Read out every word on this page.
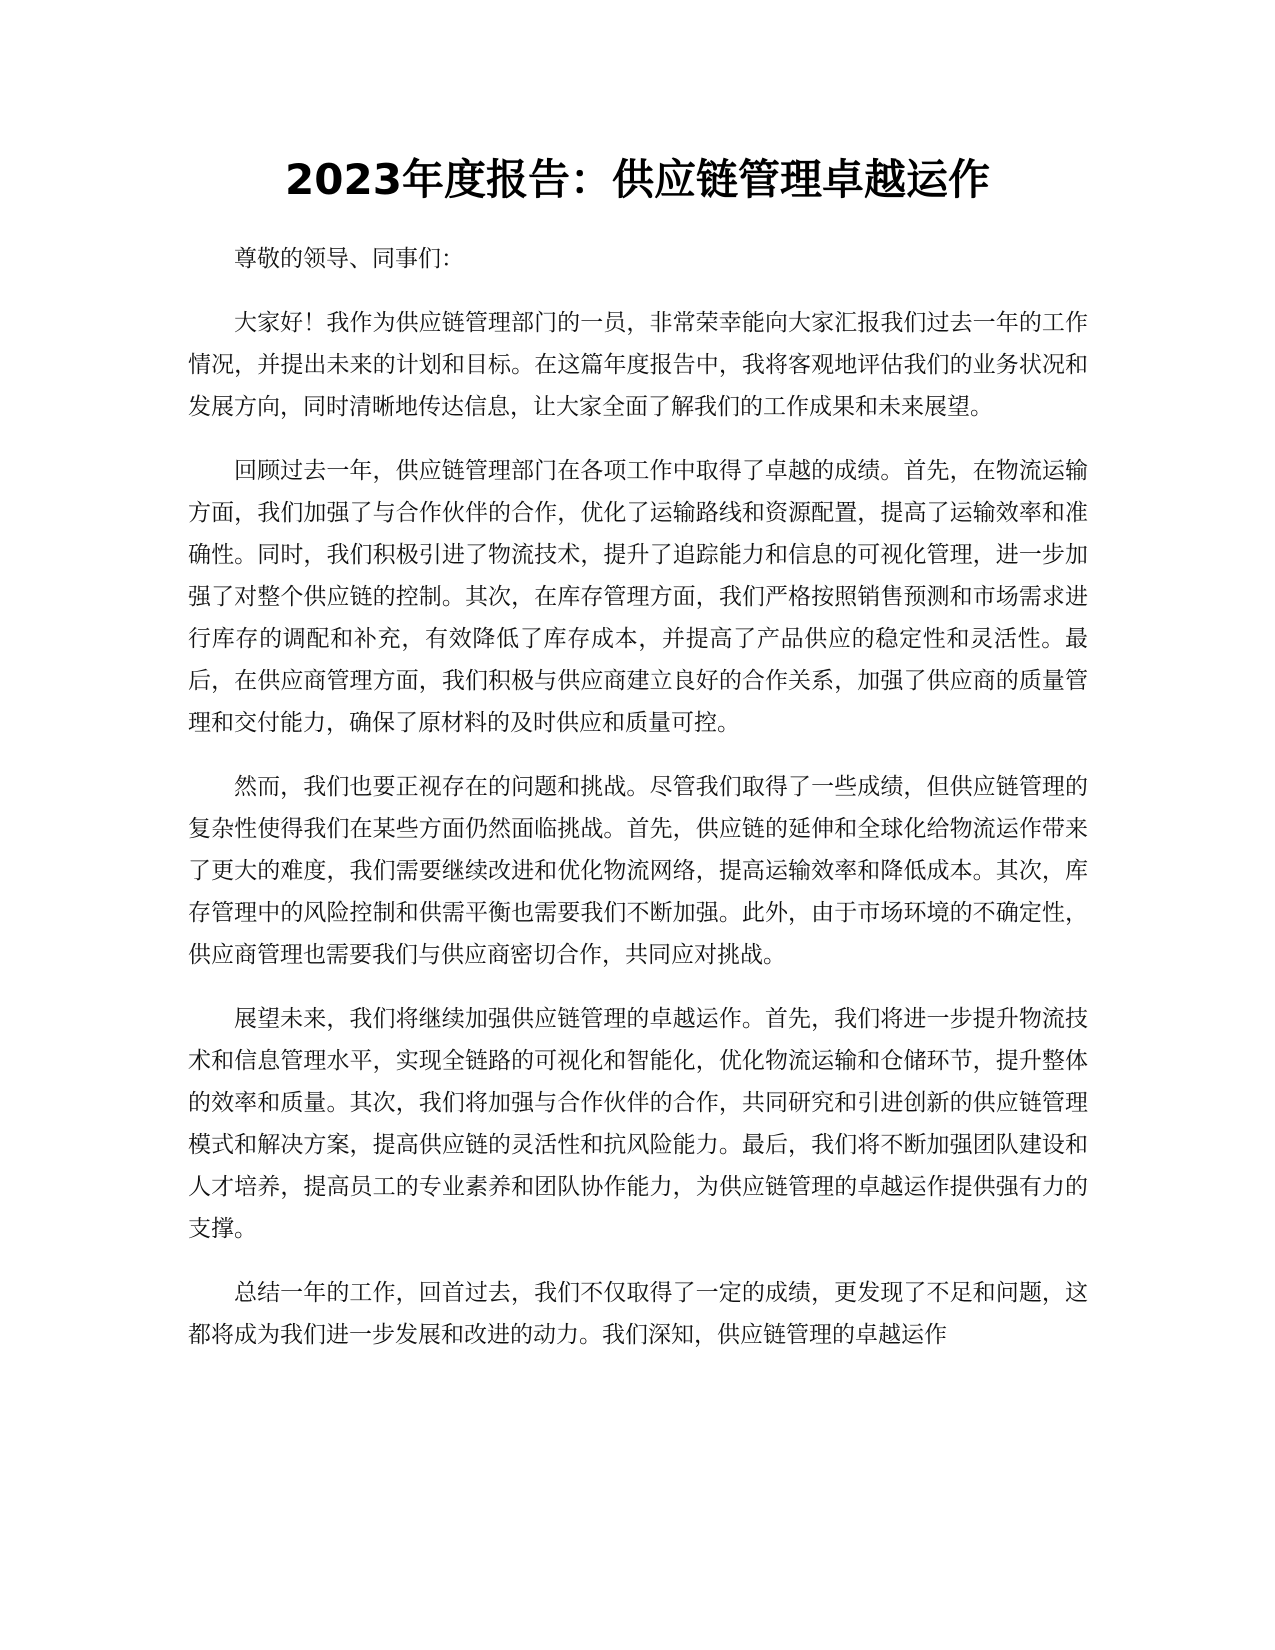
2023年度报告：供应链管理卓越运作

尊敬的领导、同事们：

大家好！我作为供应链管理部门的一员，非常荣幸能向大家汇报我们过去一年的工作情况，并提出未来的计划和目标。在这篇年度报告中，我将客观地评估我们的业务状况和发展方向，同时清晰地传达信息，让大家全面了解我们的工作成果和未来展望。

回顾过去一年，供应链管理部门在各项工作中取得了卓越的成绩。首先，在物流运输方面，我们加强了与合作伙伴的合作，优化了运输路线和资源配置，提高了运输效率和准确性。同时，我们积极引进了物流技术，提升了追踪能力和信息的可视化管理，进一步加强了对整个供应链的控制。其次，在库存管理方面，我们严格按照销售预测和市场需求进行库存的调配和补充，有效降低了库存成本，并提高了产品供应的稳定性和灵活性。最后，在供应商管理方面，我们积极与供应商建立良好的合作关系，加强了供应商的质量管理和交付能力，确保了原材料的及时供应和质量可控。

然而，我们也要正视存在的问题和挑战。尽管我们取得了一些成绩，但供应链管理的复杂性使得我们在某些方面仍然面临挑战。首先，供应链的延伸和全球化给物流运作带来了更大的难度，我们需要继续改进和优化物流网络，提高运输效率和降低成本。其次，库存管理中的风险控制和供需平衡也需要我们不断加强。此外，由于市场环境的不确定性，供应商管理也需要我们与供应商密切合作，共同应对挑战。

展望未来，我们将继续加强供应链管理的卓越运作。首先，我们将进一步提升物流技术和信息管理水平，实现全链路的可视化和智能化，优化物流运输和仓储环节，提升整体的效率和质量。其次，我们将加强与合作伙伴的合作，共同研究和引进创新的供应链管理模式和解决方案，提高供应链的灵活性和抗风险能力。最后，我们将不断加强团队建设和人才培养，提高员工的专业素养和团队协作能力，为供应链管理的卓越运作提供强有力的支撑。

总结一年的工作，回首过去，我们不仅取得了一定的成绩，更发现了不足和问题，这都将成为我们进一步发展和改进的动力。我们深知，供应链管理的卓越运作
